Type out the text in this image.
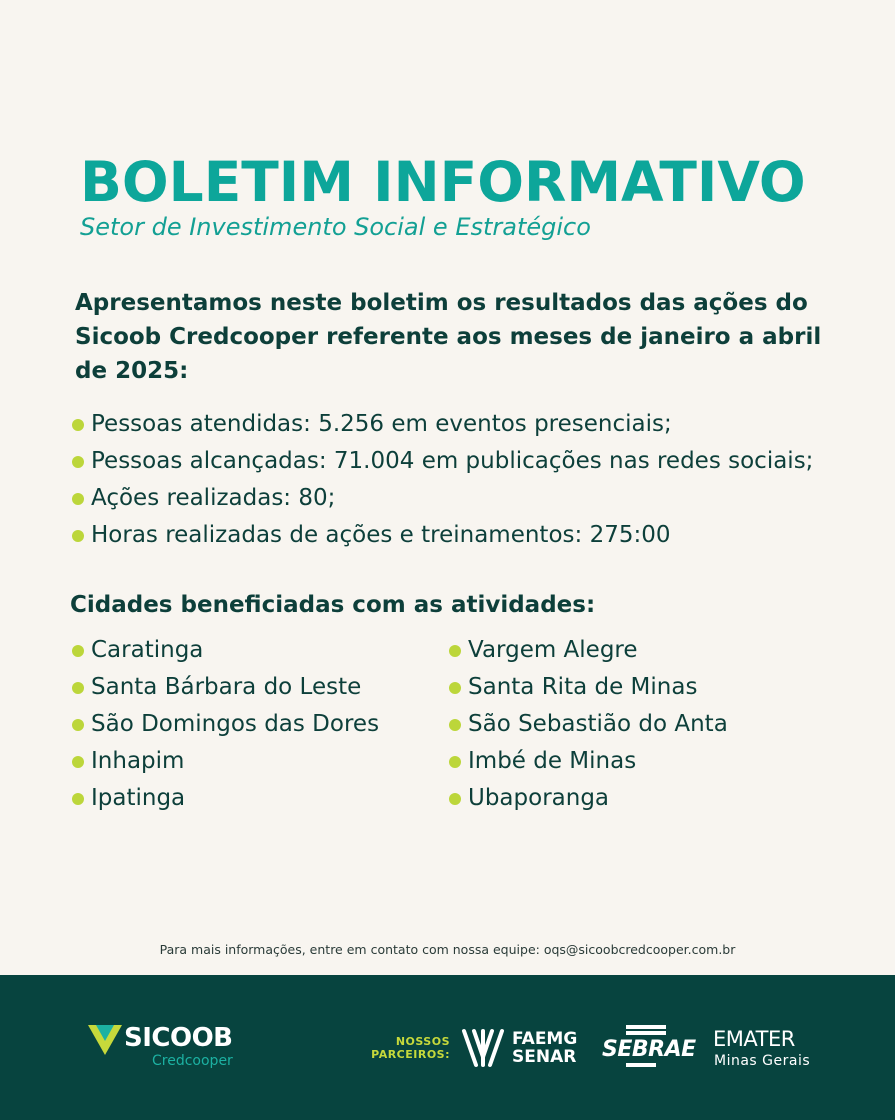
BOLETIM INFORMATIVO
Setor de Investimento Social e Estratégico
Apresentamos neste boletim os resultados das ações do Sicoob Credcooper referente aos meses de janeiro a abril de 2025:
Pessoas atendidas: 5.256 em eventos presenciais;
Pessoas alcançadas: 71.004 em publicações nas redes sociais;
Ações realizadas: 80;
Horas realizadas de ações e treinamentos: 275:00
Cidades beneficiadas com as atividades:
Caratinga
Santa Bárbara do Leste
São Domingos das Dores
Inhapim
Ipatinga
Vargem Alegre
Santa Rita de Minas
São Sebastião do Anta
Imbé de Minas
Ubaporanga
Para mais informações, entre em contato com nossa equipe: oqs@sicoobcredcooper.com.br
SICOOB
Credcooper
NOSSOS
PARCEIROS:
FAEMG
SENAR SEBRAE EMATER
Minas Gerais
